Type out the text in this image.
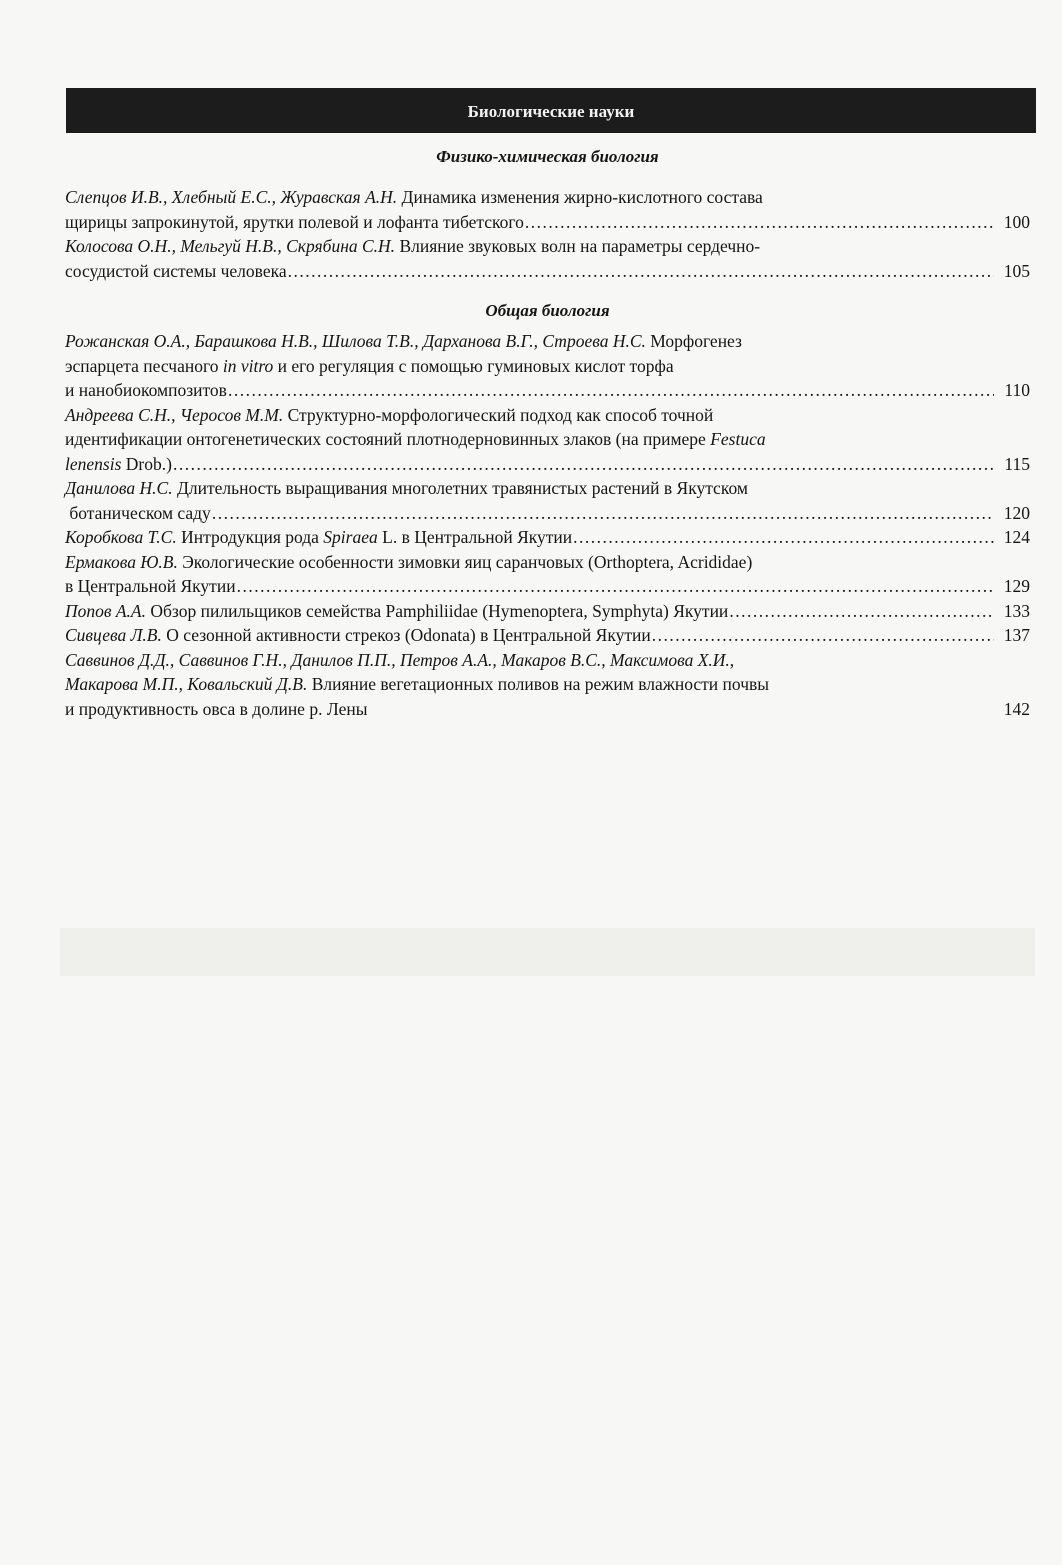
Биологические науки
Физико-химическая биология
Слепцов И.В., Хлебный Е.С., Журавская А.Н. Динамика изменения жирно-кислотного состава
щирицы запрокинутой, ярутки полевой и лофанта тибетского .....	100
Колосова О.Н., Мельгуй Н.В., Скрябина С.Н. Влияние звуковых волн на параметры сердечно-
сосудистой системы человека .....	105
Общая биология
Рожанская О.А., Барашкова Н.В., Шилова Т.В., Дарханова В.Г., Строева Н.С. Морфогенез
эспарцета песчаного in vitro и его регуляция с помощью гуминовых кислот торфа
и нанобиокомпозитов .....	110
Андреева С.Н., Черосов М.М. Структурно-морфологический подход как способ точной
идентификации онтогенетических состояний плотнодерновинных злаков (на примере Festuca
lenensis Drob.) .....	115
Данилова Н.С. Длительность выращивания многолетних травянистых растений в Якутском
ботаническом саду .....	120
Коробкова Т.С. Интродукция рода Spiraea L. в Центральной Якутии .....	124
Ермакова Ю.В. Экологические особенности зимовки яиц саранчовых (Orthoptera, Acrididae)
в Центральной Якутии .....	129
Попов А.А. Обзор пилильщиков семейства Pamphiliidae (Hymenoptera, Symphyta) Якутии .....	133
Сивцева Л.В. О сезонной активности стрекоз (Odonata) в Центральной Якутии .....	137
Саввинов Д.Д., Саввинов Г.Н., Данилов П.П., Петров А.А., Макаров В.С., Максимова Х.И.,
Макарова М.П., Ковальский Д.В. Влияние вегетационных поливов на режим влажности почвы
и продуктивность овса в долине р. Лены	142
